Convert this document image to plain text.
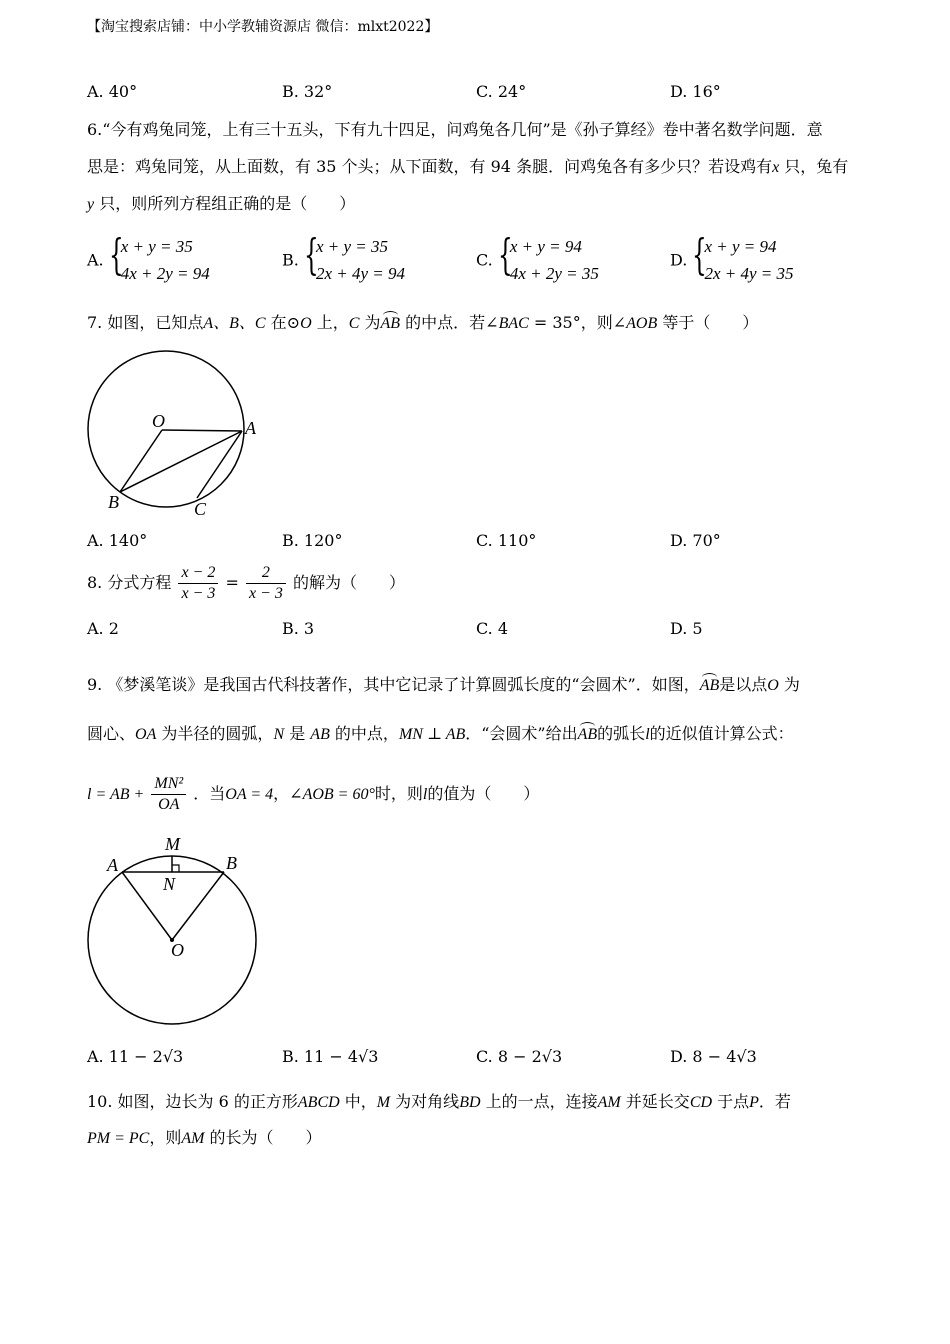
【淘宝搜索店铺：中小学教辅资源店 微信：mlxt2022】
A. 40°	B. 32°	C. 24°	D. 16°
6.“今有鸡兔同笼，上有三十五头，下有九十四足，问鸡兔各几何”是《孙子算经》卷中著名数学问题．意
思是：鸡兔同笼，从上面数，有 35 个头；从下面数，有 94 条腿．问鸡兔各有多少只？若设鸡有x 只，兔有
y 只，则所列方程组正确的是（　　）
A. {
x + y = 35
4x + 2y = 94
B. {
x + y = 35
2x + 4y = 94
C. {
x + y = 94
4x + 2y = 35
D. {
x + y = 94
2x + 4y = 35
7. 如图，已知点A、B、C 在⊙O 上，C 为AB 的中点．若∠BAC = 35°，则∠AOB 等于（　　）
O	A
B	C
A. 140°	B. 120°	C. 110°	D. 70°
8. 分式方程 $\frac{x - 2}{x - 3} = \frac{2}{x - 3}$ 的解为（　　）
A. 2	B. 3	C. 4	D. 5
9. 《梦溪笔谈》是我国古代科技著作，其中它记录了计算圆弧长度的“会圆术”．如图，AB是以点O 为
圆心、OA 为半径的圆弧，N 是 AB 的中点，MN ⊥ AB．“会圆术”给出AB的弧长l的近似值计算公式：
l = AB + $\frac{\text{MN²}}{OA}$ ．当OA = 4，∠AOB = 60°时，则l的值为（　　）
M
A	B
N
O
A. 11 − 2√3	B. 11 − 4√3	C. 8 − 2√3	D. 8 − 4√3
10. 如图，边长为 6 的正方形ABCD 中，M 为对角线BD 上的一点，连接AM 并延长交CD 于点P．若
PM = PC，则AM 的长为（　　）
